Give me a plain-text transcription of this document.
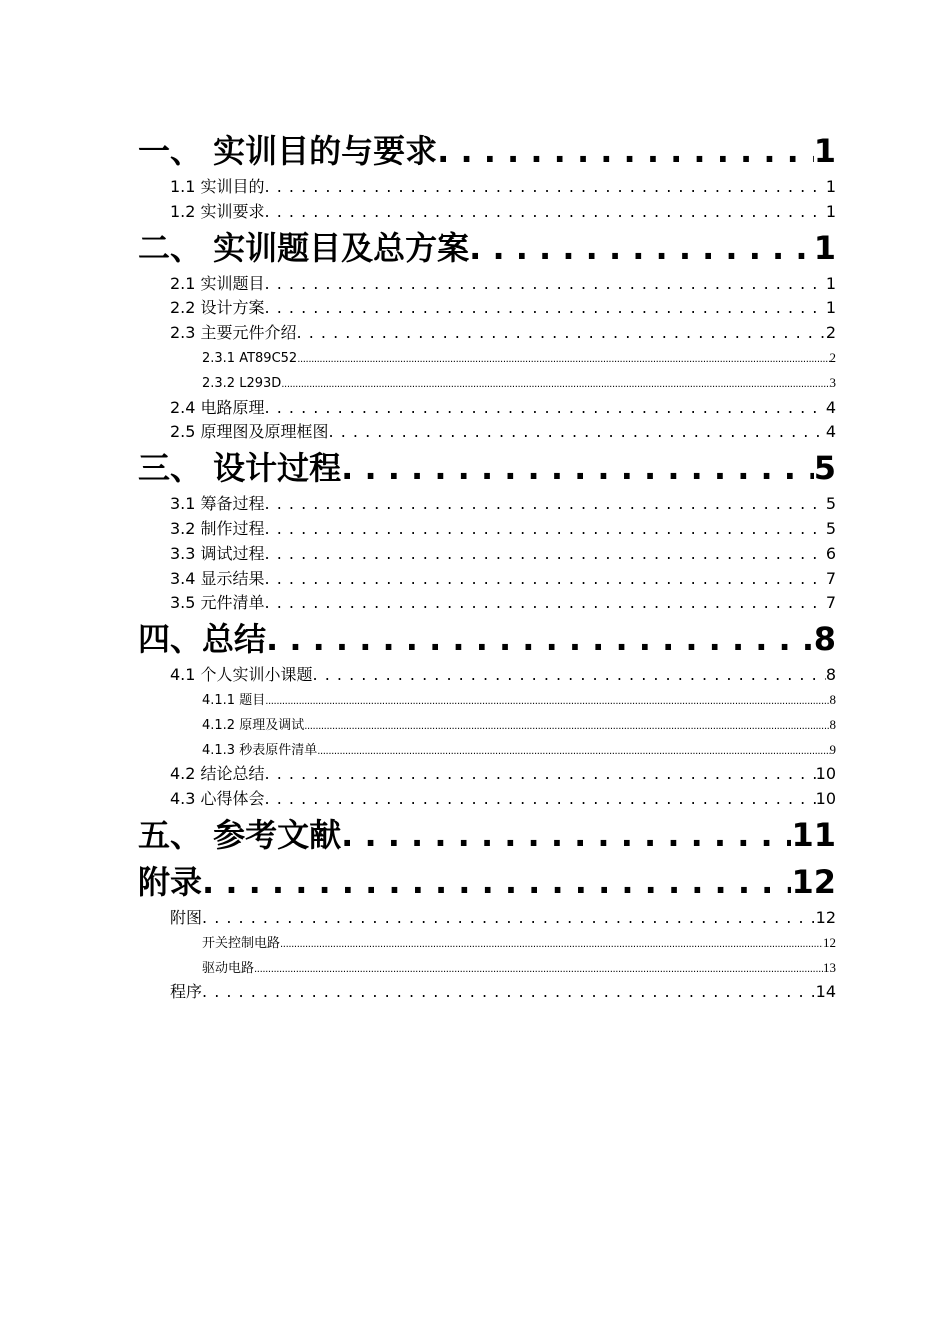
一、 实训目的与要求 . . .	1
1.1 实训目的 . . .	1
1.2 实训要求 . . .	1
二、 实训题目及总方案 . . .	1
2.1 实训题目 . . .	1
2.2 设计方案 . . .	1
2.3 主要元件介绍 . . .	2
2.3.1 AT89C52 .....	2
2.3.2 L293D .....	3
2.4 电路原理 . . .	4
2.5 原理图及原理框图 . . .	4
三、 设计过程 . . .	5
3.1 筹备过程 . . .	5
3.2 制作过程 . . .	5
3.3 调试过程 . . .	6
3.4 显示结果 . . .	7
3.5 元件清单 . . .	7
四、总结 . . .	8
4.1 个人实训小课题 . . .	8
4.1.1 题目 .....	8
4.1.2 原理及调试 .....	8
4.1.3 秒表原件清单 .....	9
4.2 结论总结 . . .	10
4.3 心得体会 . . .	10
五、 参考文献 . . .	11
附录 . . .	12
附图 . . .	12
开关控制电路 .....	12
驱动电路 .....	13
程序 . . .	14
